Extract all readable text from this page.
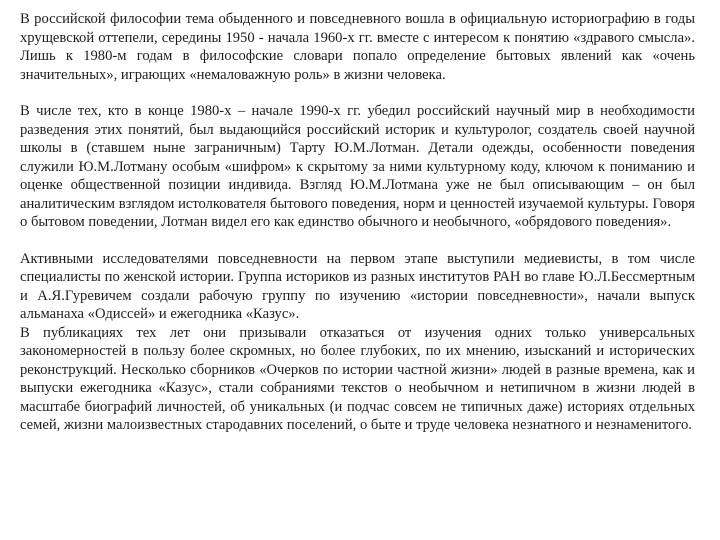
В российской философии тема обыденного и повседневного вошла в официальную историографию в годы хрущевской оттепели, середины 1950 - начала 1960-х гг. вместе с интересом к понятию «здравого смысла». Лишь к 1980-м годам в философские словари попало определение бытовых явлений как «очень значительных», играющих «немаловажную роль» в жизни человека.

В числе тех, кто в конце 1980-х – начале 1990-х гг. убедил российский научный мир в необходимости разведения этих понятий, был выдающийся российский историк и культуролог, создатель своей научной школы в (ставшем ныне заграничным) Тарту Ю.М.Лотман. Детали одежды, особенности поведения служили Ю.М.Лотману особым «шифром» к скрытому за ними культурному коду, ключом к пониманию и оценке общественной позиции индивида. Взгляд Ю.М.Лотмана уже не был описывающим – он был аналитическим взглядом истолкователя бытового поведения, норм и ценностей изучаемой культуры. Говоря о бытовом поведении, Лотман видел его как единство обычного и необычного, «обрядового поведения».

Активными исследователями повседневности на первом этапе выступили медиевисты, в том числе специалисты по женской истории. Группа историков из разных институтов РАН во главе Ю.Л.Бессмертным и А.Я.Гуревичем создали рабочую группу по изучению «истории повседневности», начали выпуск альманаха «Одиссей» и ежегодника «Казус».

В публикациях тех лет они призывали отказаться от изучения одних только универсальных закономерностей в пользу более скромных, но более глубоких, по их мнению, изысканий и исторических реконструкций. Несколько сборников «Очерков по истории частной жизни» людей в разные времена, как и выпуски ежегодника «Казус», стали собраниями текстов о необычном и нетипичном в жизни людей в масштабе биографий личностей, об уникальных (и подчас совсем не типичных даже) историях отдельных семей, жизни малоизвестных стародавних поселений, о быте и труде человека незнатного и незнаменитого.
